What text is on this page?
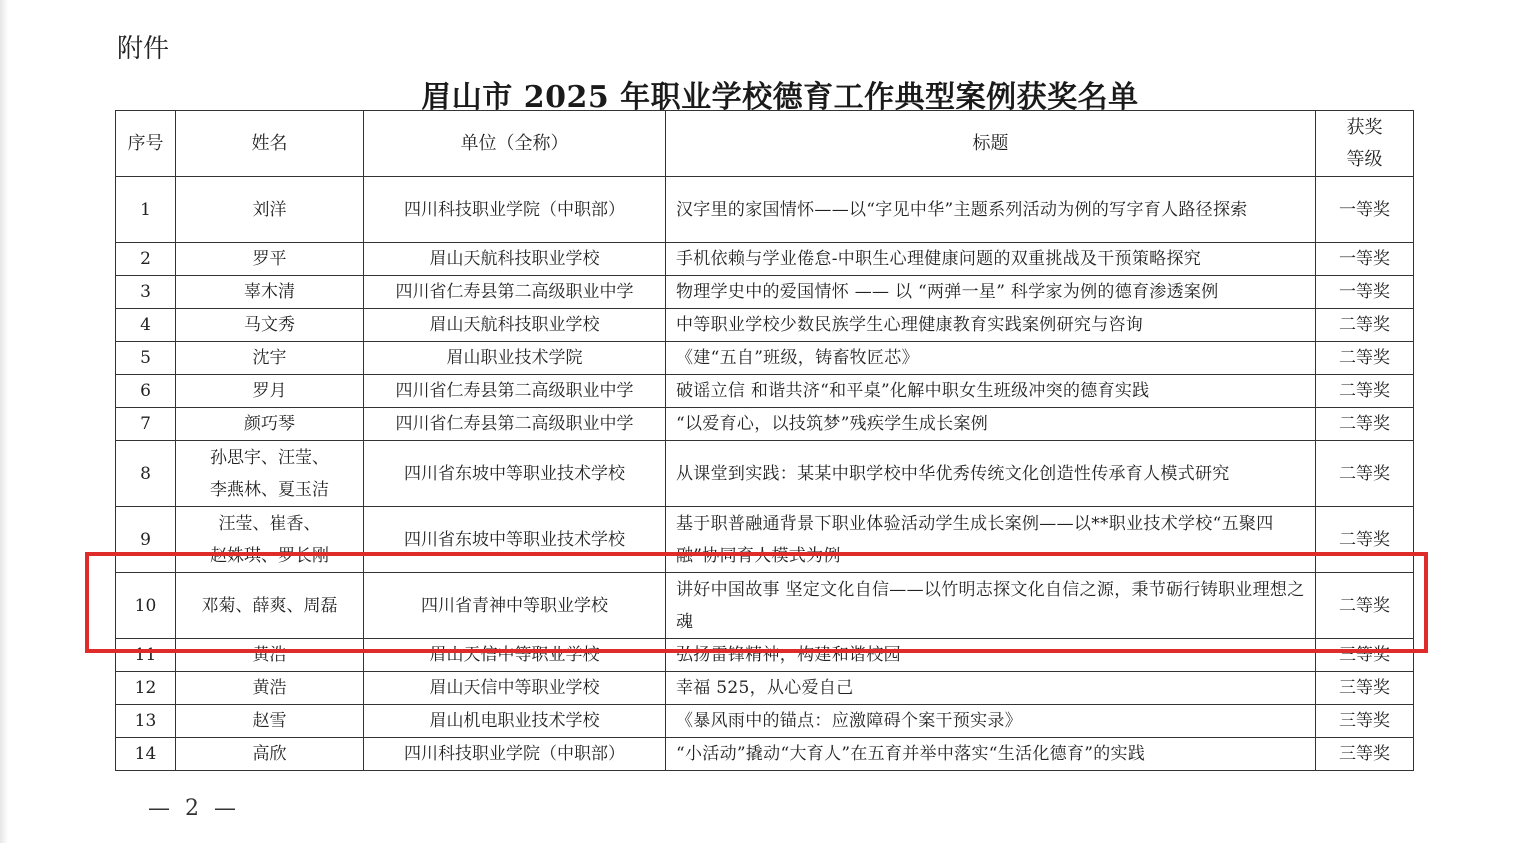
附件
眉山市 2025 年职业学校德育工作典型案例获奖名单
序号	姓名	单位（全称）	标题	获奖
等级

1	刘洋	四川科技职业学院（中职部）	汉字里的家国情怀——以“字见中华”主题系列活动为例的写字育人路径探索	一等奖
2	罗平	眉山天航科技职业学校	手机依赖与学业倦怠-中职生心理健康问题的双重挑战及干预策略探究	一等奖
3	辜木清	四川省仁寿县第二高级职业中学	物理学史中的爱国情怀 —— 以 “两弹一星” 科学家为例的德育渗透案例	一等奖
4	马文秀	眉山天航科技职业学校	中等职业学校少数民族学生心理健康教育实践案例研究与咨询	二等奖
5	沈宇	眉山职业技术学院	《建“五自”班级，铸畜牧匠芯》	二等奖
6	罗月	四川省仁寿县第二高级职业中学	破谣立信 和谐共济“和平桌”化解中职女生班级冲突的德育实践	二等奖
7	颜巧琴	四川省仁寿县第二高级职业中学	“以爱育心，以技筑梦”残疾学生成长案例	二等奖
8	孙思宇、汪莹、
李燕林、夏玉洁	四川省东坡中等职业技术学校	从课堂到实践：某某中职学校中华优秀传统文化创造性传承育人模式研究	二等奖
9	汪莹、崔香、
赵姝琪、罗长刚	四川省东坡中等职业技术学校	基于职普融通背景下职业体验活动学生成长案例——以**职业技术学校“五聚四融”协同育人模式为例	二等奖
10	邓菊、薛爽、周磊	四川省青神中等职业学校	讲好中国故事 坚定文化自信——以竹明志探文化自信之源，秉节砺行铸职业理想之魂	二等奖
11	黄浩	眉山天信中等职业学校	弘扬雷锋精神，构建和谐校园	三等奖
12	黄浩	眉山天信中等职业学校	幸福 525，从心爱自己	三等奖
13	赵雪	眉山机电职业技术学校	《暴风雨中的锚点：应激障碍个案干预实录》	三等奖
14	高欣	四川科技职业学院（中职部）	“小活动”撬动“大育人”在五育并举中落实“生活化德育”的实践	三等奖
— 2 —
